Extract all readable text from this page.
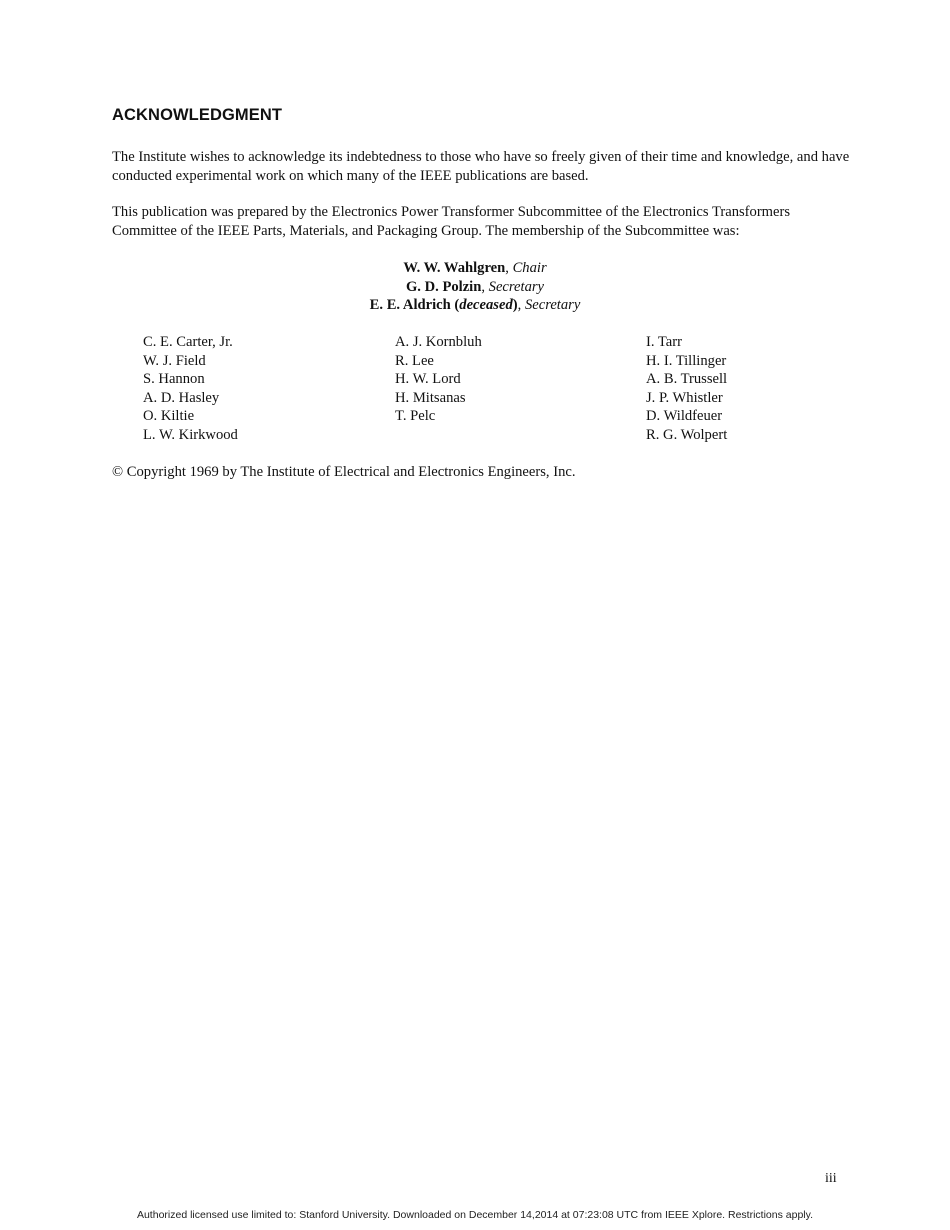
ACKNOWLEDGMENT

The Institute wishes to acknowledge its indebtedness to those who have so freely given of their time and knowledge, and have conducted experimental work on which many of the IEEE publications are based.

This publication was prepared by the Electronics Power Transformer Subcommittee of the Electronics Transformers Committee of the IEEE Parts, Materials, and Packaging Group. The membership of the Subcommittee was:

W. W. Wahlgren, Chair
G. D. Polzin, Secretary
E. E. Aldrich (deceased), Secretary
C. E. Carter, Jr.
W. J. Field
S. Hannon
A. D. Hasley
O. Kiltie
L. W. Kirkwood
A. J. Kornbluh
R. Lee
H. W. Lord
H. Mitsanas
T. Pelc
I. Tarr
H. I. Tillinger
A. B. Trussell
J. P. Whistler
D. Wildfeuer
R. G. Wolpert
© Copyright 1969 by The Institute of Electrical and Electronics Engineers, Inc.
iii
Authorized licensed use limited to: Stanford University. Downloaded on December 14,2014 at 07:23:08 UTC from IEEE Xplore. Restrictions apply.
